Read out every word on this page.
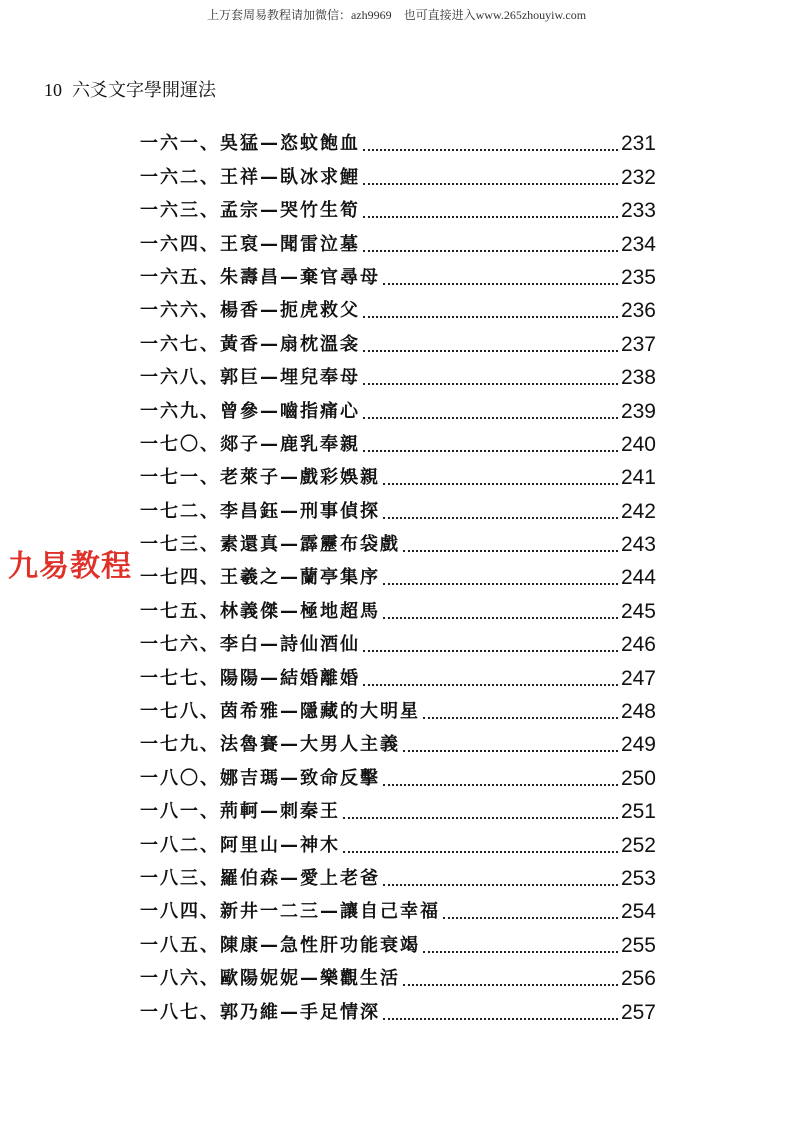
上万套周易教程请加微信：azh9969　也可直接进入www.265zhouyiw.com
10 六爻文字學開運法
九易教程
一六一、吳猛—恣蚊飽血	231
一六二、王祥—臥冰求鯉	232
一六三、孟宗—哭竹生筍	233
一六四、王裒—聞雷泣墓	234
一六五、朱壽昌—棄官尋母	235
一六六、楊香—扼虎救父	236
一六七、黃香—扇枕溫衾	237
一六八、郭巨—埋兒奉母	238
一六九、曾參—嚙指痛心	239
一七〇、郯子—鹿乳奉親	240
一七一、老萊子—戲彩娛親	241
一七二、李昌鈺—刑事偵探	242
一七三、素還真—霹靂布袋戲	243
一七四、王羲之—蘭亭集序	244
一七五、林義傑—極地超馬	245
一七六、李白—詩仙酒仙	246
一七七、陽陽—結婚離婚	247
一七八、茵希雅—隱藏的大明星	248
一七九、法魯賽—大男人主義	249
一八〇、娜吉瑪—致命反擊	250
一八一、荊軻—刺秦王	251
一八二、阿里山—神木	252
一八三、羅伯森—愛上老爸	253
一八四、新井一二三—讓自己幸福	254
一八五、陳康—急性肝功能衰竭	255
一八六、歐陽妮妮—樂觀生活	256
一八七、郭乃維—手足情深	257
